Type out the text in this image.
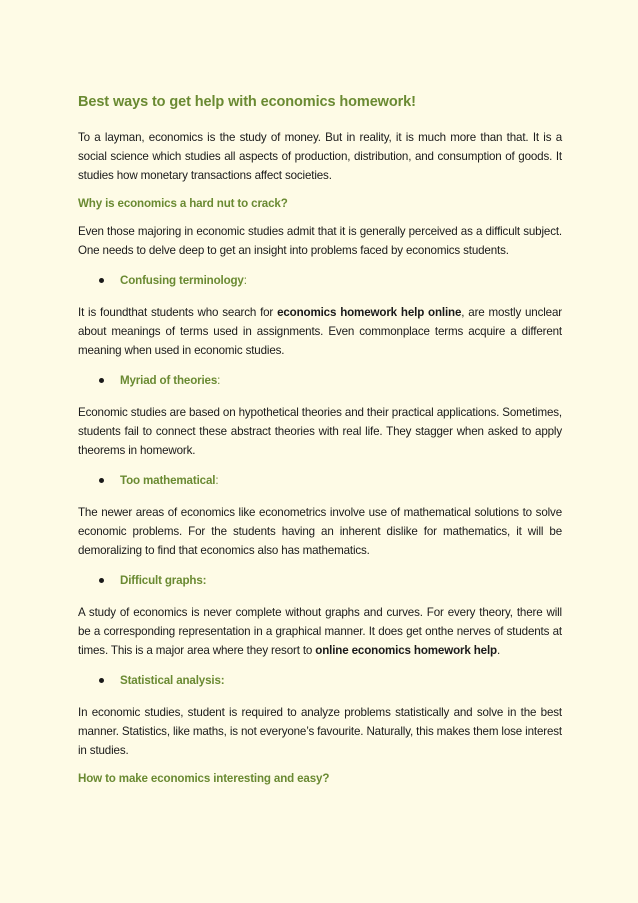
Best ways to get help with economics homework!

To a layman, economics is the study of money. But in reality, it is much more than that. It is a social science which studies all aspects of production, distribution, and consumption of goods. It studies how monetary transactions affect societies.

Why is economics a hard nut to crack?

Even those majoring in economic studies admit that it is generally perceived as a difficult subject. One needs to delve deep to get an insight into problems faced by economics students.

Confusing terminology :

It is foundthat students who search for economics homework help online, are mostly unclear about meanings of terms used in assignments. Even commonplace terms acquire a different meaning when used in economic studies.

Myriad of theories :

Economic studies are based on hypothetical theories and their practical applications. Sometimes, students fail to connect these abstract theories with real life. They stagger when asked to apply theorems in homework.

Too mathematical :

The newer areas of economics like econometrics involve use of mathematical solutions to solve economic problems. For the students having an inherent dislike for mathematics, it will be demoralizing to find that economics also has mathematics.

Difficult graphs:

A study of economics is never complete without graphs and curves. For every theory, there will be a corresponding representation in a graphical manner. It does get onthe nerves of students at times. This is a major area where they resort to online economics homework help.

Statistical analysis:

In economic studies, student is required to analyze problems statistically and solve in the best manner. Statistics, like maths, is not everyone’s favourite. Naturally, this makes them lose interest in studies.

How to make economics interesting and easy?
